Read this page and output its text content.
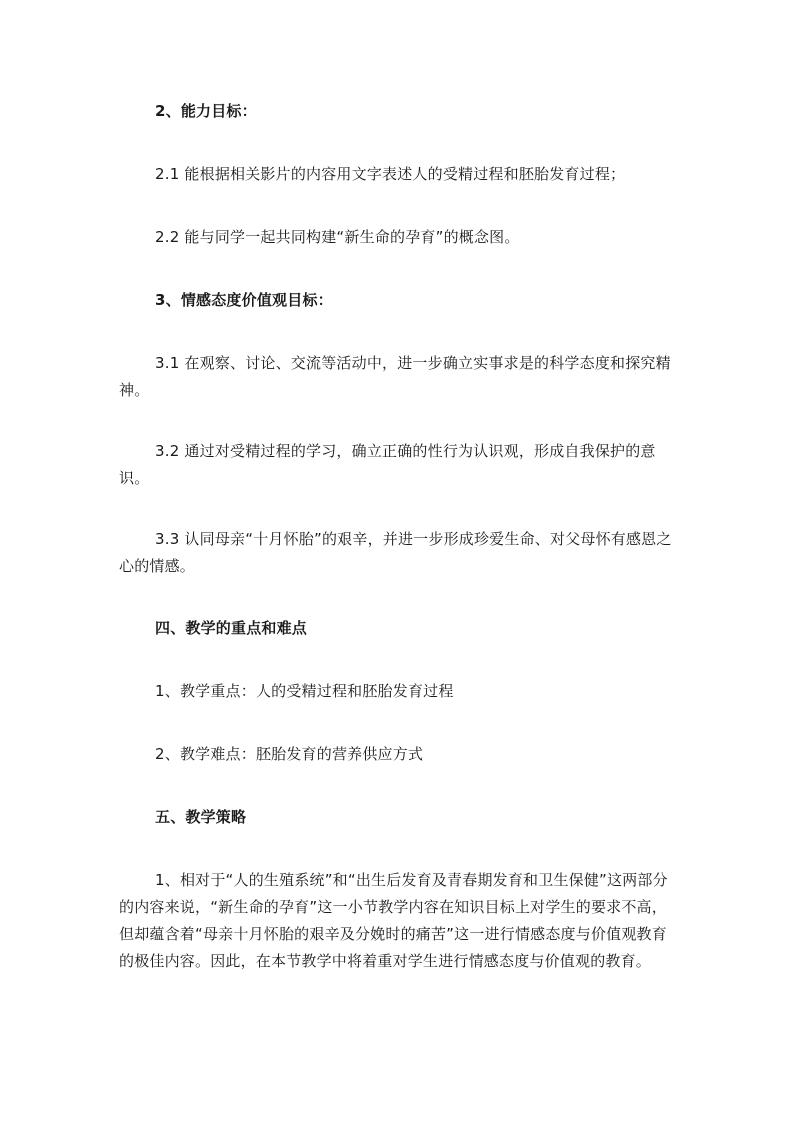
2、能力目标：

2.1 能根据相关影片的内容用文字表述人的受精过程和胚胎发育过程；

2.2 能与同学一起共同构建“新生命的孕育”的概念图。

3、情感态度价值观目标：

3.1 在观察、讨论、交流等活动中，进一步确立实事求是的科学态度和探究精神。

3.2 通过对受精过程的学习，确立正确的性行为认识观，形成自我保护的意识。

3.3 认同母亲“十月怀胎”的艰辛，并进一步形成珍爱生命、对父母怀有感恩之心的情感。

四、教学的重点和难点

1、教学重点：人的受精过程和胚胎发育过程

2、教学难点：胚胎发育的营养供应方式

五、教学策略

1、相对于“人的生殖系统”和“出生后发育及青春期发育和卫生保健”这两部分的内容来说，“新生命的孕育”这一小节教学内容在知识目标上对学生的要求不高，但却蕴含着“母亲十月怀胎的艰辛及分娩时的痛苦”这一进行情感态度与价值观教育的极佳内容。因此，在本节教学中将着重对学生进行情感态度与价值观的教育。
